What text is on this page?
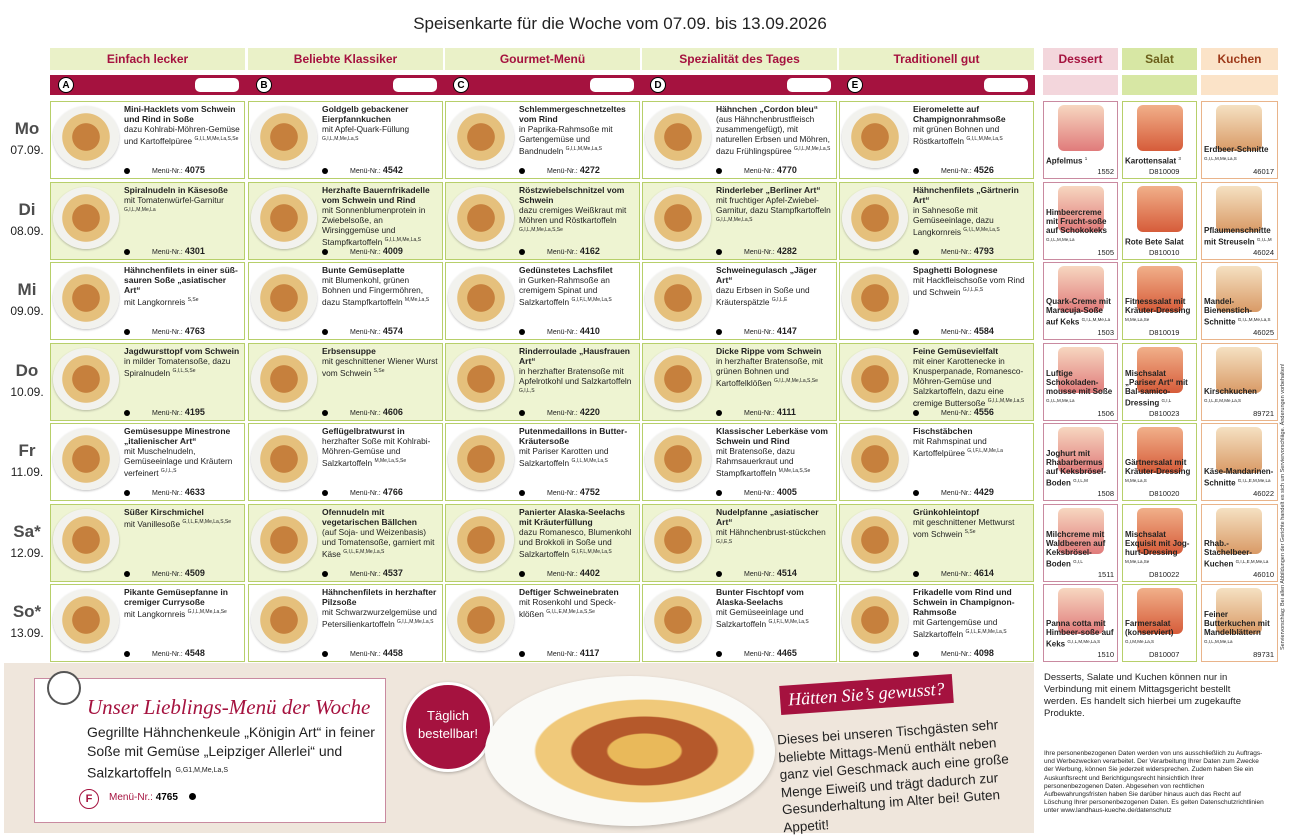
Speisenkarte für die Woche vom 07.09. bis 13.09.2026
Einfach lecker	Beliebte Klassiker	Gourmet-Menü	Spezialität des Tages	Traditionell gut	Dessert	Salat	Kuchen
A	B	C	D	E
Mo
07.09.
Mini-Hacklets vom Schwein und Rind in Soße
dazu Kohlrabi-Möhren-Gemüse und Kartoffelpüree $^{G,I,L,M,Me,La,S,Se}$
Menü-Nr.: 4075
Goldgelb gebackener Eierpfannkuchen
mit Apfel-Quark-Füllung $^{G,I,L,M,Me,La,S}$
Menü-Nr.: 4542
Schlemmergeschnetzeltes vom Rind
in Paprika-Rahmsoße mit Gartengemüse und Bandnudeln $^{G,I,L,M,Me,La,S}$
Menü-Nr.: 4272
Hähnchen „Cordon bleu“
(aus Hähnchenbrustfleisch zusammengefügt), mit naturellen Erbsen und Möhren, dazu Frühlingspüree $^{G,I,L,M,Me,La,S}$
Menü-Nr.: 4770
Eieromelette auf Champignonrahmsoße
mit grünen Bohnen und Röstkartoffeln $^{G,I,L,M,Me,La,S}$
Menü-Nr.: 4526
Apfelmus $^1$
1552
Karottensalat $^3$
D810009
Erdbeer-Schnitte $^{G,I,L,M,Me,La,S}$
46017
Di
08.09.
Spiralnudeln in Käsesoße
mit Tomatenwürfel-Garnitur $^{G,I,L,M,Me,La}$
Menü-Nr.: 4301
Herzhafte Bauernfrikadelle vom Schwein und Rind
mit Sonnenblumenprotein in Zwiebelsoße, an Wirsinggemüse und Stampfkartoffeln $^{G,I,L,M,Me,La,S}$
Menü-Nr.: 4009
Röstzwiebelschnitzel vom Schwein
dazu cremiges Weißkraut mit Möhren und Röstkartoffeln $^{G,I,L,M,Me,La,S,Se}$
Menü-Nr.: 4162
Rinderleber „Berliner Art“
mit fruchtiger Apfel-Zwiebel-Garnitur, dazu Stampfkartoffeln $^{G,I,L,M,Me,La,S}$
Menü-Nr.: 4282
Hähnchenfilets „Gärtnerin Art“
in Sahnesoße mit Gemüseeinlage, dazu Langkornreis $^{G,I,L,M,Me,La,S}$
Menü-Nr.: 4793
Himbeercreme mit Frucht-soße auf Schokokeks $^{G,I,L,M,Me,La}$
1505
Rote Bete Salat
D810010
Pflaumenschnitte mit Streuseln $^{G,I,L,M}$
46024
Mi
09.09.
Hähnchenfilets in einer süß-sauren Soße „asiatischer Art“
mit Langkornreis $^{S,Se}$
Menü-Nr.: 4763
Bunte Gemüseplatte
mit Blumenkohl, grünen Bohnen und Fingermöhren, dazu Stampfkartoffeln $^{M,Me,La,S}$
Menü-Nr.: 4574
Gedünstetes Lachsfilet
in Gurken-Rahmsoße an cremigem Spinat und Salzkartoffeln $^{G,I,F,L,M,Me,La,S}$
Menü-Nr.: 4410
Schweinegulasch „Jäger Art“
dazu Erbsen in Soße und Kräuterspätzle $^{G,I,L,E}$
Menü-Nr.: 4147
Spaghetti Bolognese
mit Hackfleischsoße vom Rind und Schwein $^{G,I,L,E,S}$
Menü-Nr.: 4584
Quark-Creme mit Maracuja-Soße auf Keks $^{G,I,L,M,Me,La}$
1503
Fitnesssalat mit Kräuter-Dressing $^{M,Me,La,Se}$
D810019
Mandel-Bienenstich-Schnitte $^{G,I,L,M,Me,La,S}$
46025
Do
10.09.
Jagdwursttopf vom Schwein
in milder Tomatensoße, dazu Spiralnudeln $^{G,I,L,S,Se}$
Menü-Nr.: 4195
Erbsensuppe
mit geschnittener Wiener Wurst vom Schwein $^{S,Se}$
Menü-Nr.: 4606
Rinderroulade „Hausfrauen Art“
in herzhafter Bratensoße mit Apfelrotkohl und Salzkartoffeln $^{G,I,L,S}$
Menü-Nr.: 4220
Dicke Rippe vom Schwein
in herzhafter Bratensoße, mit grünen Bohnen und Kartoffelklößen $^{G,I,L,M,Me,La,S,Se}$
Menü-Nr.: 4111
Feine Gemüsevielfalt
mit einer Karottenecke in Knusperpanade, Romanesco-Möhren-Gemüse und Salzkartoffeln, dazu eine cremige Buttersoße $^{G,I,L,M,Me,La,S}$
Menü-Nr.: 4556
Luftige Schokoladen-mousse mit Soße $^{G,I,L,M,Me,La}$
1506
Mischsalat „Pariser Art“ mit Bal-samico-Dressing $^{G,I,L}$
D810023
Kirschkuchen $^{G,I,L,E,M,Me,La,S}$
89721
Fr
11.09.
Gemüsesuppe Minestrone „italienischer Art“
mit Muschelnudeln, Gemüseeinlage und Kräutern verfeinert $^{G,I,L,S}$
Menü-Nr.: 4633
Geflügelbratwurst in
herzhafter Soße mit Kohlrabi-Möhren-Gemüse und Salzkartoffeln $^{M,Me,La,S,Se}$
Menü-Nr.: 4766
Putenmedaillons in Butter-Kräutersoße
mit Pariser Karotten und Salzkartoffeln $^{G,I,L,M,Me,La,S}$
Menü-Nr.: 4752
Klassischer Leberkäse vom Schwein und Rind
mit Bratensoße, dazu Rahmsauerkraut und Stampfkartoffeln $^{M,Me,La,S,Se}$
Menü-Nr.: 4005
Fischstäbchen
mit Rahmspinat und Kartoffelpüree $^{G,I,F,L,M,Me,La}$
Menü-Nr.: 4429
Joghurt mit Rhabarbermus auf Keksbrösel-Boden $^{G,I,L,M}$
1508
Gärtnersalat mit Kräuter-Dressing $^{M,Me,La,S}$
D810020
Käse-Mandarinen-Schnitte $^{G,I,L,E,M,Me,La}$
46022
Sa*
12.09.
Süßer Kirschmichel
mit Vanillesoße $^{G,I,L,E,M,Me,La,S,Se}$
Menü-Nr.: 4509
Ofennudeln mit vegetarischen Bällchen
(auf Soja- und Weizenbasis) und Tomatensoße, garniert mit Käse $^{G,I,L,E,M,Me,La,S}$
Menü-Nr.: 4537
Panierter Alaska-Seelachs mit Kräuterfüllung
dazu Romanesco, Blumenkohl und Brokkoli in Soße und Salzkartoffeln $^{G,I,F,L,M,Me,La,S}$
Menü-Nr.: 4402
Nudelpfanne „asiatischer Art“
mit Hähnchenbrust-stückchen $^{G,I,E,S}$
Menü-Nr.: 4514
Grünkohleintopf
mit geschnittener Mettwurst vom Schwein $^{S,Se}$
Menü-Nr.: 4614
Milchcreme mit Waldbeeren auf Keksbrösel-Boden $^{G,I,L}$
1511
Mischsalat Exquisit mit Jog-hurt-Dressing $^{M,Me,La,Se}$
D810022
Rhab.-Stachelbeer-Kuchen $^{G,I,L,E,M,Me,La}$
46010
So*
13.09.
Pikante Gemüsepfanne in cremiger Currysoße
mit Langkornreis $^{G,I,L,M,Me,La,Se}$
Menü-Nr.: 4548
Hähnchenfilets in herzhafter Pilzsoße
mit Schwarzwurzelgemüse und Petersilienkartoffeln $^{G,I,L,M,Me,La,S}$
Menü-Nr.: 4458
Deftiger Schweinebraten
mit Rosenkohl und Speck-klößen $^{G,I,L,E,M,Me,La,S,Se}$
Menü-Nr.: 4117
Bunter Fischtopf vom Alaska-Seelachs
mit Gemüseeinlage und Salzkartoffeln $^{G,I,F,L,M,Me,La,S}$
Menü-Nr.: 4465
Frikadelle vom Rind und Schwein in Champignon-Rahmsoße
mit Gartengemüse und Salzkartoffeln $^{G,I,L,E,M,Me,La,S}$
Menü-Nr.: 4098
Panna cotta mit Himbeer-soße auf Keks $^{G,I,L,M,Me,La,S}$
1510
Farmersalat (konserviert) $^{G,I,M,Me,La,S}$
D810007
Feiner Butterkuchen mit Mandelblättern $^{G,I,L,M,Me,La}$
89731
Unser Lieblings-Menü der Woche
Gegrillte Hähnchenkeule „Königin Art“ in feiner Soße mit Gemüse „Leipziger Allerlei“ und Salzkartoffeln $^{G,G1,M,Me,La,S}$
F	Menü-Nr.: 4765
Täglich bestellbar!
Hätten Sie’s gewusst?
Dieses bei unseren Tischgästen sehr beliebte Mittags-Menü enthält neben ganz viel Geschmack auch eine große Menge Eiweiß und trägt dadurch zur Gesunderhaltung im Alter bei! Guten Appetit!
Desserts, Salate und Kuchen können nur in Verbindung mit einem Mittagsgericht bestellt werden. Es handelt sich hierbei um zugekaufte Produkte.
Ihre personenbezogenen Daten werden von uns ausschließlich zu Auftrags- und Werbezwecken verarbeitet. Der Verarbeitung Ihrer Daten zum Zwecke der Werbung, können Sie jederzeit widersprechen. Zudem haben Sie ein Auskunftsrecht und Berichtigungsrecht hinsichtlich Ihrer personenbezogenen Daten. Abgesehen von rechtlichen Aufbewahrungsfristen haben Sie darüber hinaus auch das Recht auf Löschung Ihrer personenbezogenen Daten. Es gelten Datenschutzrichtlinien unter www.landhaus-kueche.de/datenschutz
Serviervorschlag: Bei allen Abbildungen der Gerichte handelt es sich um Serviervorschläge. Änderungen vorbehalten!
